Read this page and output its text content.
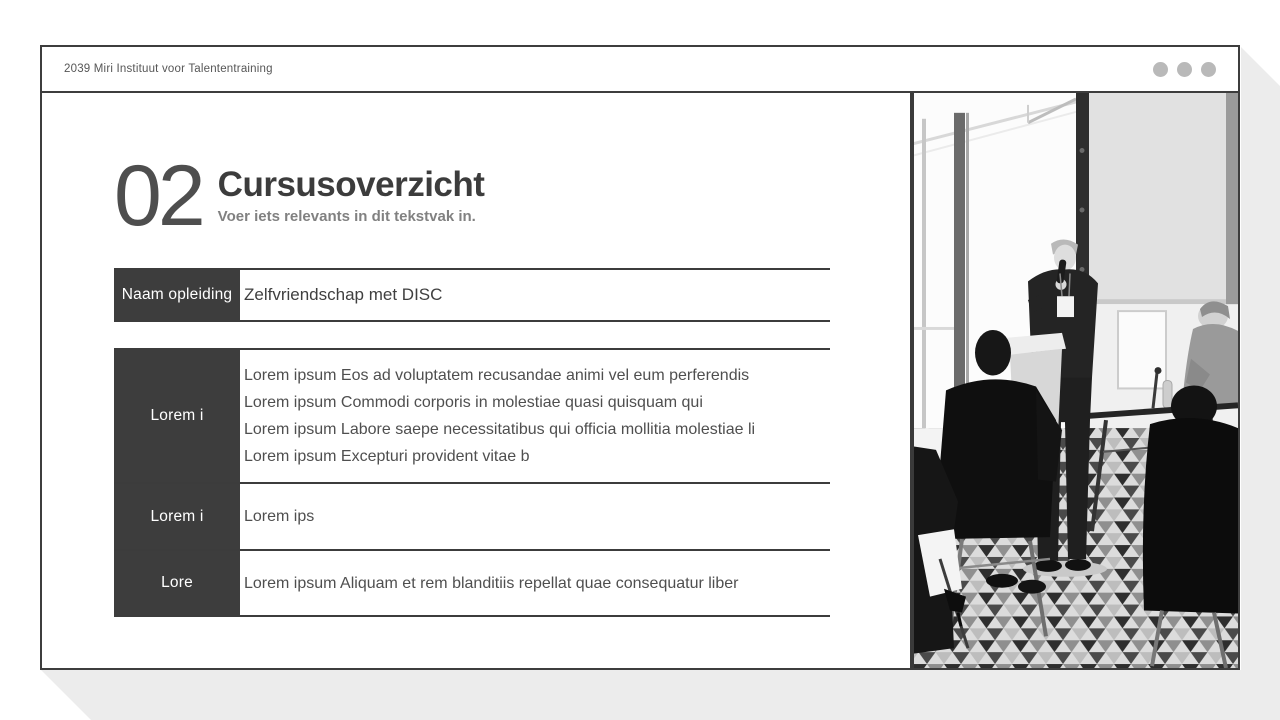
2039 Miri Instituut voor Talententraining
02 Cursusoverzicht
Voer iets relevants in dit tekstvak in.
Naam opleiding Zelfvriendschap met DISC
Lorem i
Lorem ipsum Eos ad voluptatem recusandae animi vel eum perferendis
Lorem ipsum Commodi corporis in molestiae quasi quisquam qui
Lorem ipsum Labore saepe necessitatibus qui officia mollitia molestiae li
Lorem ipsum Excepturi provident vitae b
Lorem i	Lorem ips
Lore	Lorem ipsum Aliquam et rem blanditiis repellat quae consequatur liber
